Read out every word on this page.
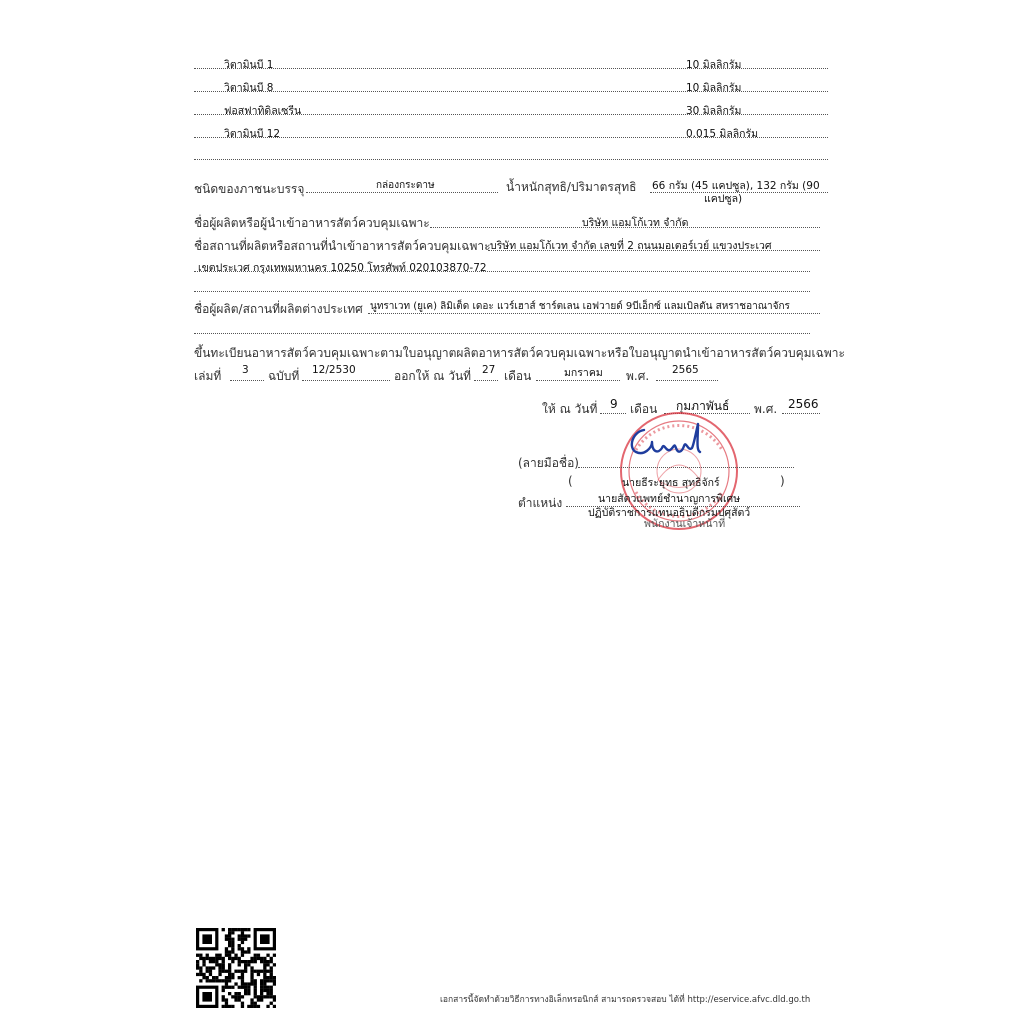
วิตามินบี 1	10 มิลลิกรัม
วิตามินบี 8	10 มิลลิกรัม
ฟอสฟาทิดิลเซรีน	30 มิลลิกรัม
วิตามินบี 12	0.015 มิลลิกรัม
ชนิดของภาชนะบรรจุ	กล่องกระดาษ	น้ำหนักสุทธิ/ปริมาตรสุทธิ 66 กรัม (45 แคปซูล), 132 กรัม (90
แคปซูล)
ชื่อผู้ผลิตหรือผู้นำเข้าอาหารสัตว์ควบคุมเฉพาะ	บริษัท แอมโก้เวท จำกัด
ชื่อสถานที่ผลิตหรือสถานที่นำเข้าอาหารสัตว์ควบคุมเฉพาะ บริษัท แอมโก้เวท จำกัด เลขที่ 2 ถนนมอเตอร์เวย์ แขวงประเวศ
เขตประเวศ กรุงเทพมหานคร 10250 โทรศัพท์ 020103870-72
ชื่อผู้ผลิต/สถานที่ผลิตต่างประเทศ นูทราเวท (ยูเค) ลิมิเต็ด เดอะ แวร์เฮาส์ ชาร์ตเลน เอฟวายด์ 9บีเอ็กซ์ แลมเบิลตัน สหราชอาณาจักร
ขึ้นทะเบียนอาหารสัตว์ควบคุมเฉพาะตามใบอนุญาตผลิตอาหารสัตว์ควบคุมเฉพาะหรือใบอนุญาตนำเข้าอาหารสัตว์ควบคุมเฉพาะ
เล่มที่ 3 ฉบับที่ 12/2530	ออกให้ ณ วันที่ 27 เดือน	มกราคม พ.ศ. 2565
ให้ ณ วันที่ 9 เดือน กุมภาพันธ์ พ.ศ. 2566
(ลายมือชื่อ)
(	นายธีระยุทธ สุทธิจักร์	)
ตำแหน่ง	นายสัตวแพทย์ชำนาญการพิเศษ
ปฏิบัติราชการแทนอธิบดีกรมปศุสัตว์
พนักงานเจ้าหน้าที่
เอกสารนี้จัดทำด้วยวิธีการทางอิเล็กทรอนิกส์ สามารถตรวจสอบ ได้ที่ http://eservice.afvc.dld.go.th
